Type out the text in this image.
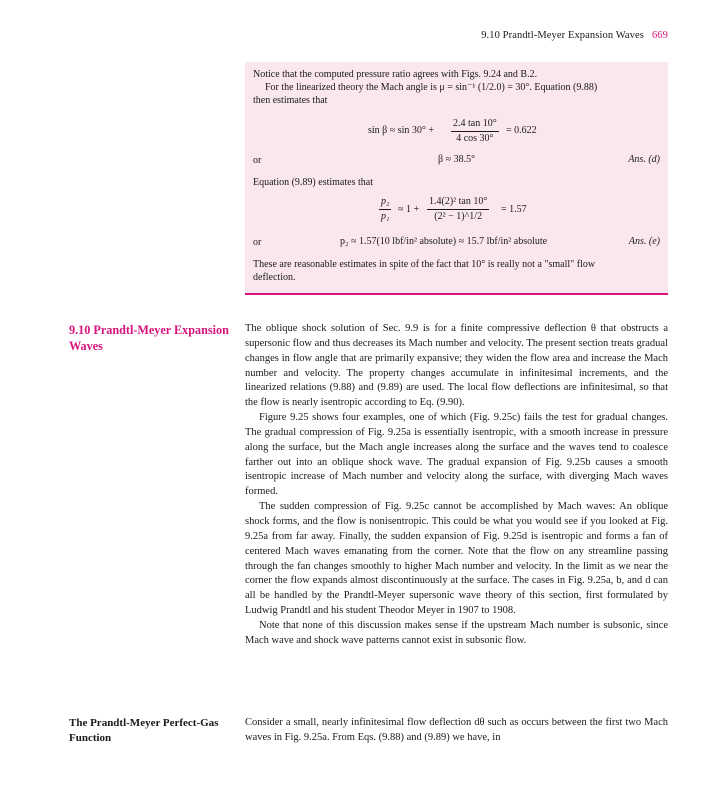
9.10 Prandtl-Meyer Expansion Waves 669
Notice that the computed pressure ratio agrees with Figs. 9.24 and B.2.
For the linearized theory the Mach angle is μ = sin⁻¹ (1/2.0) = 30°. Equation (9.88)
then estimates that
sin β ≈ sin 30° +
2.4 tan 10°
4 cos 30°
= 0.622
or	β ≈ 38.5°	Ans. (d)
Equation (9.89) estimates that
p₂
p₁
≈ 1 +
1.4(2)² tan 10°
(2² − 1)^1/2
= 1.57
or	p₂ ≈ 1.57(10 lbf/in² absolute) ≈ 15.7 lbf/in² absolute	Ans. (e)
These are reasonable estimates in spite of the fact that 10° is really not a "small" flow
deflection.
9.10 Prandtl-Meyer Expansion Waves

The oblique shock solution of Sec. 9.9 is for a finite compressive deflection θ that obstructs a supersonic flow and thus decreases its Mach number and velocity. The present section treats gradual changes in flow angle that are primarily expansive; they widen the flow area and increase the Mach number and velocity. The property changes accumulate in infinitesimal increments, and the linearized relations (9.88) and (9.89) are used. The local flow deflections are infinitesimal, so that the flow is nearly isentropic according to Eq. (9.90).

Figure 9.25 shows four examples, one of which (Fig. 9.25c) fails the test for gradual changes. The gradual compression of Fig. 9.25a is essentially isentropic, with a smooth increase in pressure along the surface, but the Mach angle increases along the surface and the waves tend to coalesce farther out into an oblique shock wave. The gradual expansion of Fig. 9.25b causes a smooth isentropic increase of Mach number and velocity along the surface, with diverging Mach waves formed.

The sudden compression of Fig. 9.25c cannot be accomplished by Mach waves: An oblique shock forms, and the flow is nonisentropic. This could be what you would see if you looked at Fig. 9.25a from far away. Finally, the sudden expansion of Fig. 9.25d is isentropic and forms a fan of centered Mach waves emanating from the corner. Note that the flow on any streamline passing through the fan changes smoothly to higher Mach number and velocity. In the limit as we near the corner the flow expands almost discontinuously at the surface. The cases in Fig. 9.25a, b, and d can all be handled by the Prandtl-Meyer supersonic wave theory of this section, first formulated by Ludwig Prandtl and his student Theodor Meyer in 1907 to 1908.

Note that none of this discussion makes sense if the upstream Mach number is subsonic, since Mach wave and shock wave patterns cannot exist in subsonic flow.

The Prandtl-Meyer Perfect-Gas Function

Consider a small, nearly infinitesimal flow deflection dθ such as occurs between the first two Mach waves in Fig. 9.25a. From Eqs. (9.88) and (9.89) we have, in
